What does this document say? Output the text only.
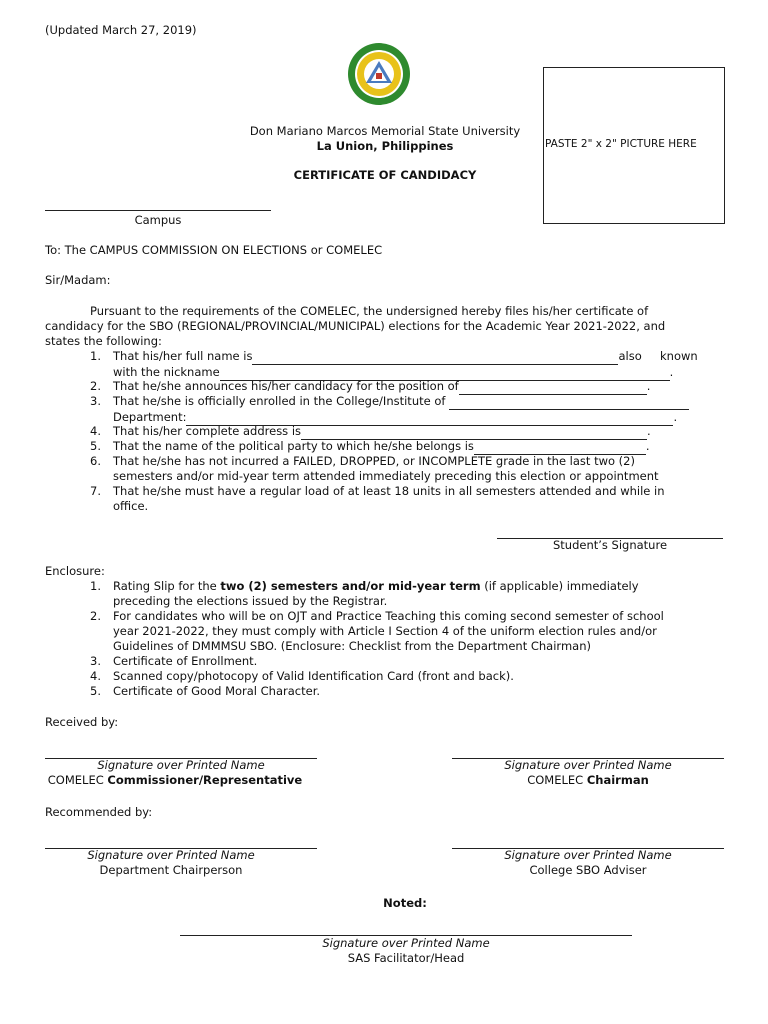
(Updated March 27, 2019)
Don Mariano Marcos Memorial State University
La Union, Philippines
CERTIFICATE OF CANDIDACY
PASTE 2" x 2" PICTURE HERE
Campus
To: The CAMPUS COMMISSION ON ELECTIONS or COMELEC
Sir/Madam:
Pursuant to the requirements of the COMELEC, the undersigned hereby files his/her certificate of
candidacy for the SBO (REGIONAL/PROVINCIAL/MUNICIPAL) elections for the Academic Year 2021-2022, and
states the following:
1.	That his/her full name is	also     known
with the nickname	.
2.	That he/she announces his/her candidacy for the position of	.
3.	That he/she is officially enrolled in the College/Institute of
Department:	.
4.	That his/her complete address is	.
5.	That the name of the political party to which he/she belongs is	.
6.	That he/she has not incurred a FAILED, DROPPED, or INCOMPLETE grade in the last two (2)
semesters and/or mid-year term attended immediately preceding this election or appointment
7.	That he/she must have a regular load of at least 18 units in all semesters attended and while in
office.
Student’s Signature
Enclosure:
1.	Rating Slip for the two (2) semesters and/or mid-year term (if applicable) immediately
preceding the elections issued by the Registrar.
2.	For candidates who will be on OJT and Practice Teaching this coming second semester of school
year 2021-2022, they must comply with Article I Section 4 of the uniform election rules and/or
Guidelines of DMMMSU SBO. (Enclosure: Checklist from the Department Chairman)
3.	Certificate of Enrollment.
4.	Scanned copy/photocopy of Valid Identification Card (front and back).
5.	Certificate of Good Moral Character.
Received by:
Signature over Printed Name
COMELEC Commissioner/Representative
Signature over Printed Name
COMELEC Chairman
Recommended by:
Signature over Printed Name
Department Chairperson
Signature over Printed Name
College SBO Adviser
Noted:
Signature over Printed Name
SAS Facilitator/Head
